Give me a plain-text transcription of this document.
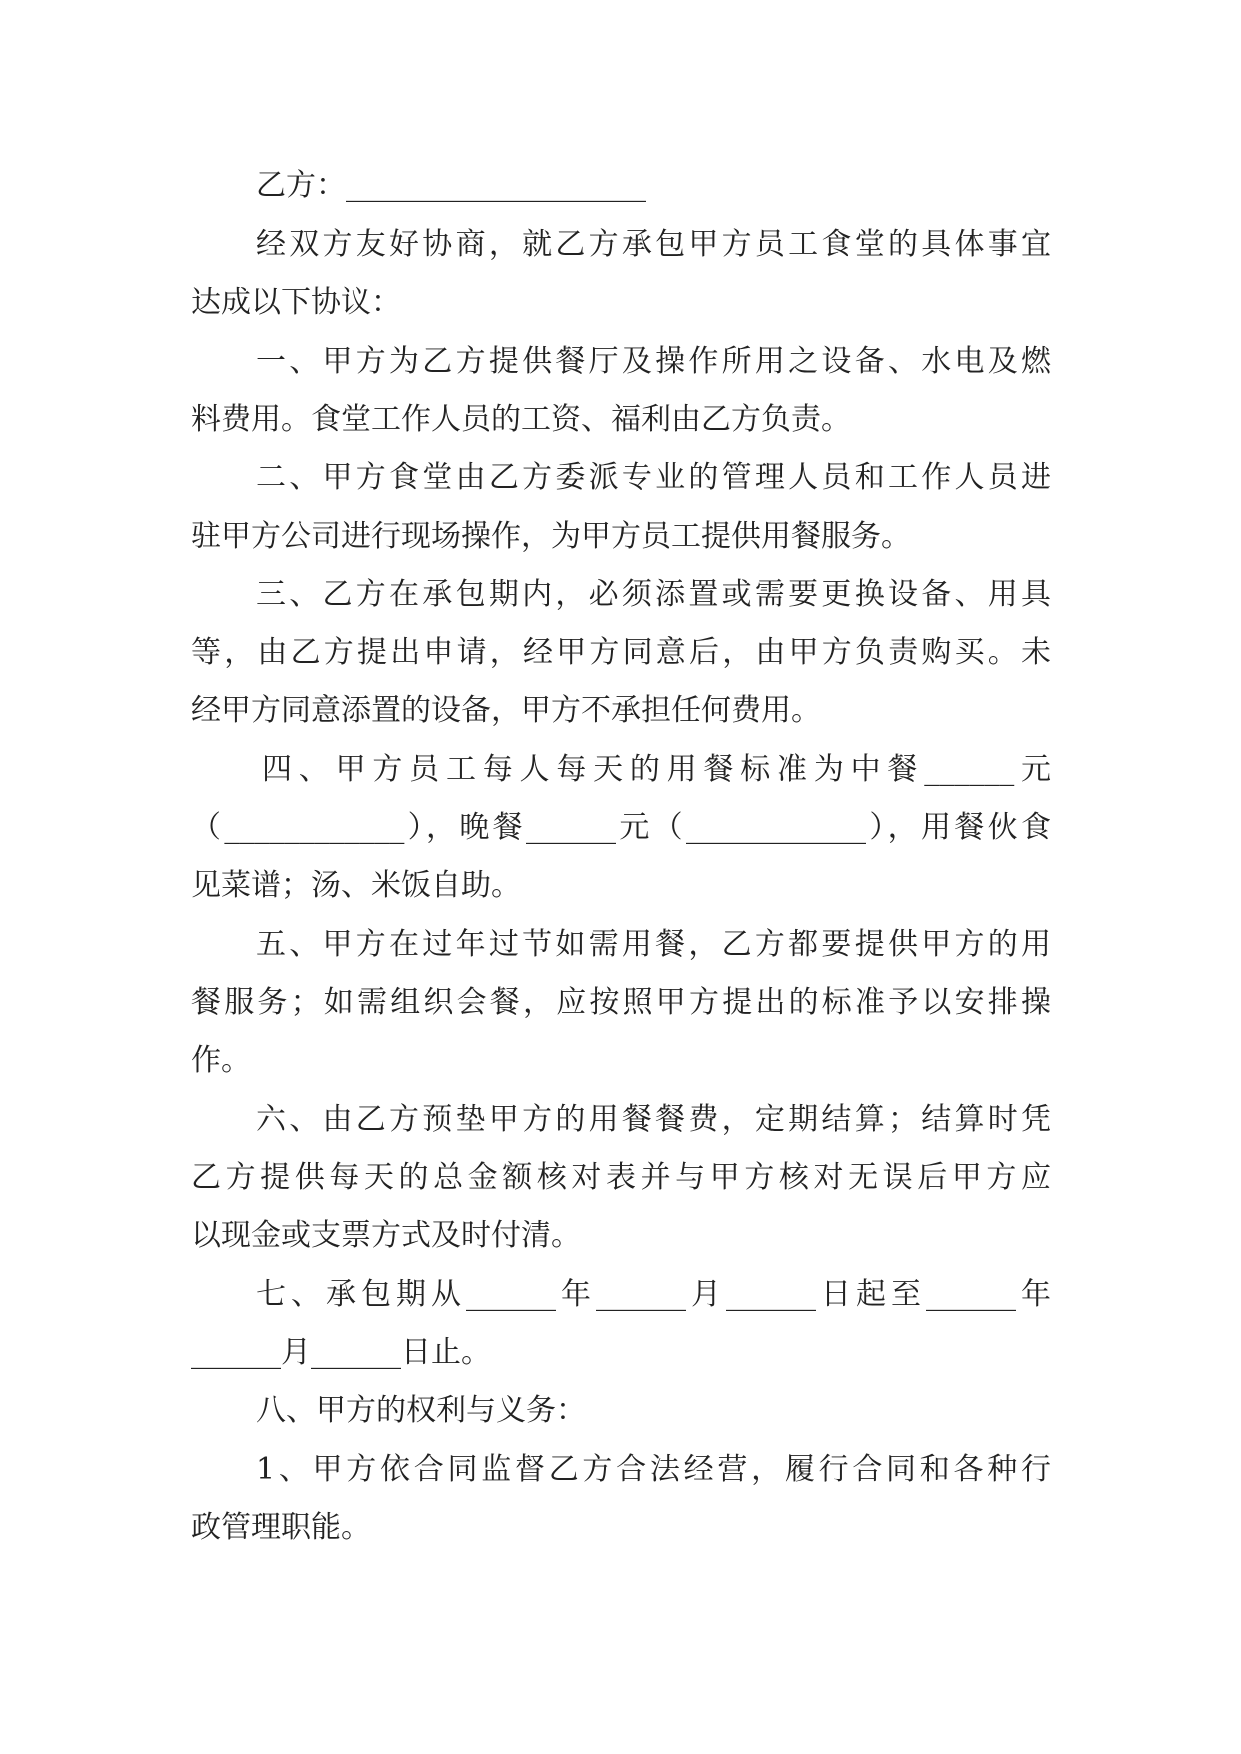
乙方：____________________
经双方友好协商，就乙方承包甲方员工食堂的具体事宜
达成以下协议：
一、甲方为乙方提供餐厅及操作所用之设备、水电及燃
料费用。食堂工作人员的工资、福利由乙方负责。
二、甲方食堂由乙方委派专业的管理人员和工作人员进
驻甲方公司进行现场操作，为甲方员工提供用餐服务。
三、乙方在承包期内，必须添置或需要更换设备、用具
等，由乙方提出申请，经甲方同意后，由甲方负责购买。未
经甲方同意添置的设备，甲方不承担任何费用。
四、甲方员工每人每天的用餐标准为中餐______元
（____________），晚餐______元（____________），用餐伙食
见菜谱；汤、米饭自助。
五、甲方在过年过节如需用餐，乙方都要提供甲方的用
餐服务；如需组织会餐，应按照甲方提出的标准予以安排操
作。
六、由乙方预垫甲方的用餐餐费，定期结算；结算时凭
乙方提供每天的总金额核对表并与甲方核对无误后甲方应
以现金或支票方式及时付清。
七、承包期从______年______月______日起至______年
______月______日止。
八、甲方的权利与义务：
1、甲方依合同监督乙方合法经营，履行合同和各种行
政管理职能。
